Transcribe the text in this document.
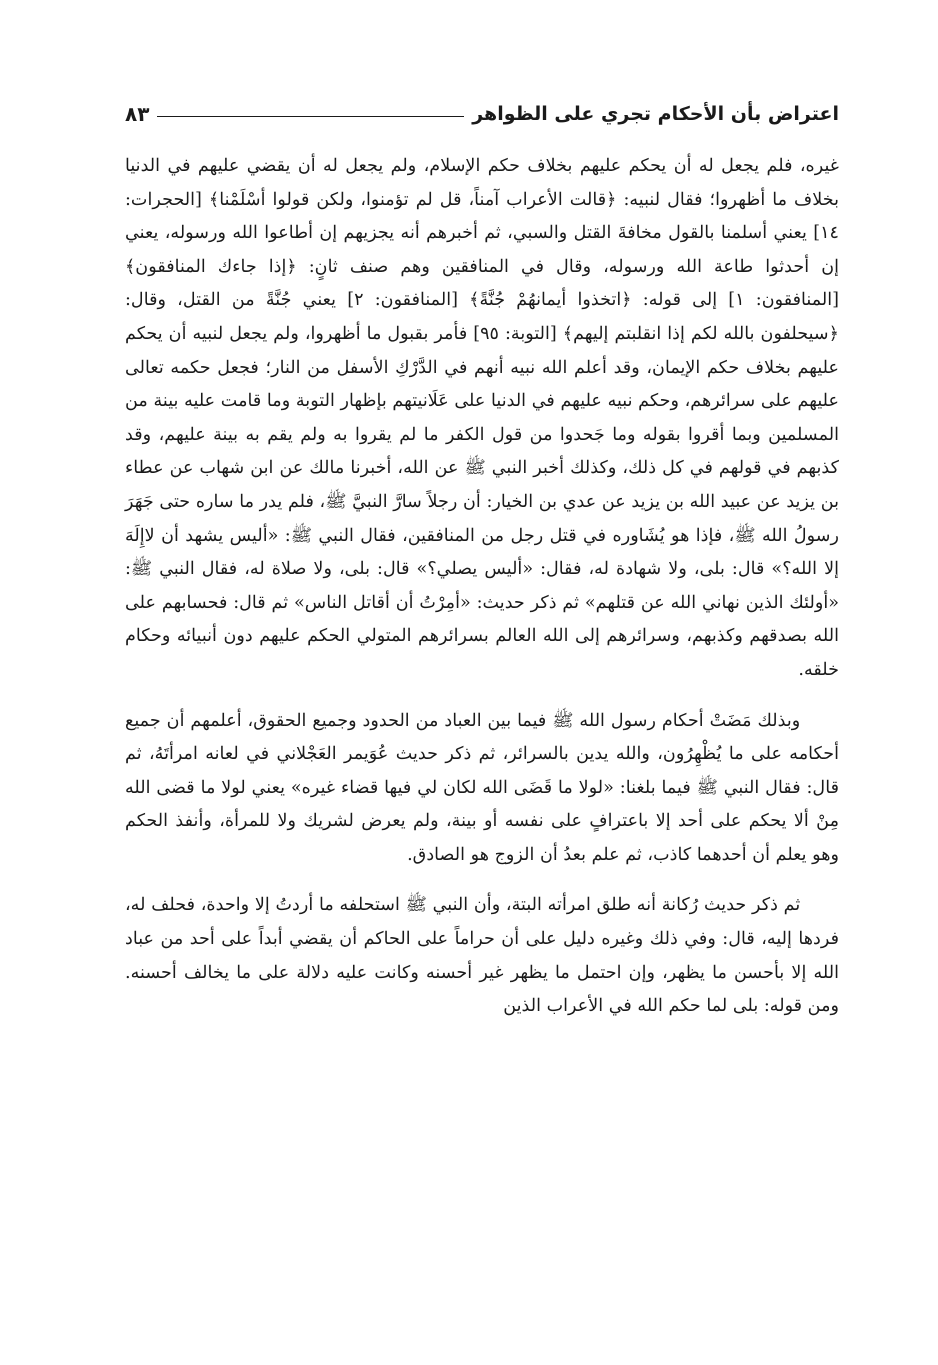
اعتراض بأن الأحكام تجري على الظواهر
٨٣

غيره، فلم يجعل له أن يحكم عليهم بخلاف حكم الإسلام، ولم يجعل له أن يقضي عليهم في الدنيا بخلاف ما أظهروا؛ فقال لنبيه: ﴿قالت الأعراب آمناً، قل لم تؤمنوا، ولكن قولوا أسْلَمْنا﴾ [الحجرات: ١٤] يعني أسلمنا بالقول مخافةَ القتل والسبي، ثم أخبرهم أنه يجزيهم إن أطاعوا الله ورسوله، يعني إن أحدثوا طاعة الله ورسوله، وقال في المنافقين وهم صنف ثانٍ: ﴿إذا جاءك المنافقون﴾ [المنافقون: ١] إلى قوله: ﴿اتخذوا أيمانهُمْ جُنَّةً﴾ [المنافقون: ٢] يعني جُنَّةً من القتل، وقال: ﴿سيحلفون بالله لكم إذا انقلبتم إليهم﴾ [التوبة: ٩٥] فأمر بقبول ما أظهروا، ولم يجعل لنبيه أن يحكم عليهم بخلاف حكم الإيمان، وقد أعلم الله نبيه أنهم في الدَّرْكِ الأسفل من النار؛ فجعل حكمه تعالى عليهم على سرائرهم، وحكم نبيه عليهم في الدنيا على عَلَانيتهم بإظهار التوبة وما قامت عليه بينة من المسلمين وبما أقروا بقوله وما جَحدوا من قول الكفر ما لم يقروا به ولم يقم به بينة عليهم، وقد كذبهم في قولهم في كل ذلك، وكذلك أخبر النبي ﷺ عن الله، أخبرنا مالك عن ابن شهاب عن عطاء بن يزيد عن عبيد الله بن يزيد عن عدي بن الخيار: أن رجلاً سارَّ النبيَّ ﷺ، فلم يدر ما ساره حتى جَهَرَ رسولُ الله ﷺ، فإذا هو يُشَاوره في قتل رجل من المنافقين، فقال النبي ﷺ: «أليس يشهد أن لاإِلَهَ إلا الله؟» قال: بلى، ولا شهادة له، فقال: «أليس يصلي؟» قال: بلى، ولا صلاة له، فقال النبي ﷺ: «أولئك الذين نهاني الله عن قتلهم» ثم ذكر حديث: «أمِرْتُ أن أقاتل الناس» ثم قال: فحسابهم على الله بصدقهم وكذبهم، وسرائرهم إلى الله العالم بسرائرهم المتولي الحكم عليهم دون أنبيائه وحكام خلقه.

وبذلك مَضَتْ أحكام رسول الله ﷺ فيما بين العباد من الحدود وجميع الحقوق، أعلمهم أن جميع أحكامه على ما يُظْهِرُون، والله يدين بالسرائر، ثم ذكر حديث عُوَيمر العَجْلاني في لعانه امرأتَهُ، ثم قال: فقال النبي ﷺ فيما بلغنا: «لولا ما قَضَى الله لكان لي فيها قضاء غيره» يعني لولا ما قضى الله مِنْ ألا يحكم على أحد إلا باعترافٍ على نفسه أو بينة، ولم يعرض لشريك ولا للمرأة، وأنفذ الحكم وهو يعلم أن أحدهما كاذب، ثم علم بعدُ أن الزوج هو الصادق.

ثم ذكر حديث رُكانة أنه طلق امرأته البتة، وأن النبي ﷺ استحلفه ما أردتُ إلا واحدة، فحلف له، فردها إليه، قال: وفي ذلك وغيره دليل على أن حراماً على الحاكم أن يقضي أبداً على أحد من عباد الله إلا بأحسن ما يظهر، وإن احتمل ما يظهر غير أحسنه وكانت عليه دلالة على ما يخالف أحسنه. ومن قوله: بلى لما حكم الله في الأعراب الذين
